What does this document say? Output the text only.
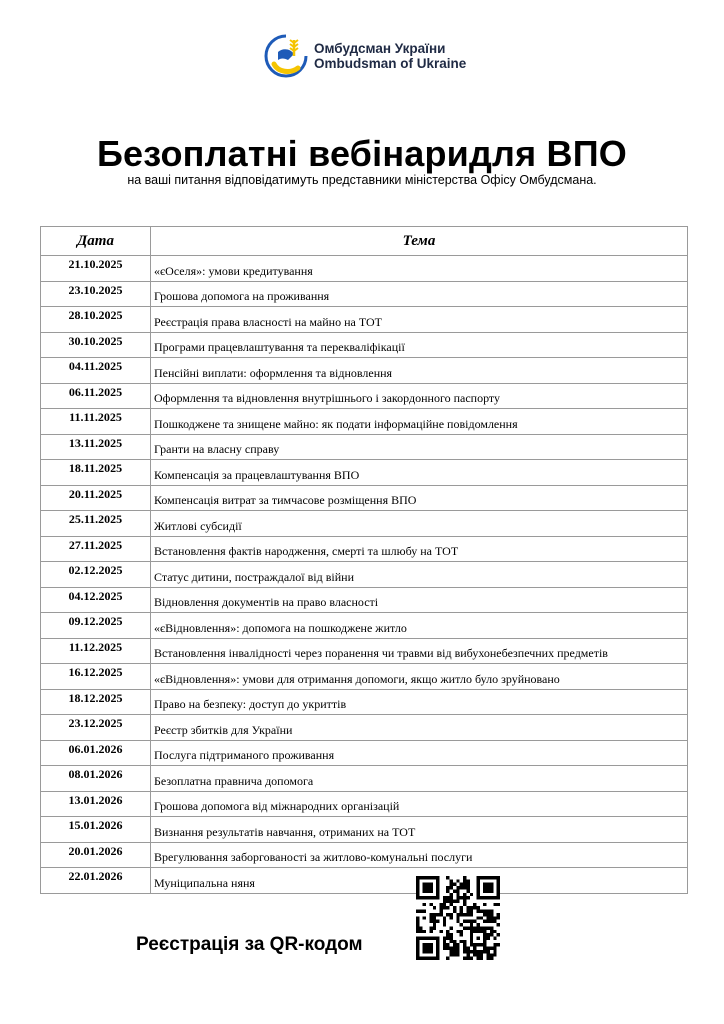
Омбудсман України
Ombudsman of Ukraine
Безоплатні вебінаридля ВПО
на ваші питання відповідатимуть представники міністерства Офісу Омбудсмана.
Дата	Тема
21.10.2025	«єОселя»: умови кредитування
23.10.2025	Грошова допомога на проживання
28.10.2025	Реєстрація права власності на майно на ТОТ
30.10.2025	Програми працевлаштування та перекваліфікації
04.11.2025	Пенсійні виплати: оформлення та відновлення
06.11.2025	Оформлення та відновлення внутрішнього і закордонного паспорту
11.11.2025	Пошкоджене та знищене майно: як подати інформаційне повідомлення
13.11.2025	Гранти на власну справу
18.11.2025	Компенсація за працевлаштування ВПО
20.11.2025	Компенсація витрат за тимчасове розміщення ВПО
25.11.2025	Житлові субсидії
27.11.2025	Встановлення фактів народження, смерті та шлюбу на ТОТ
02.12.2025	Статус дитини, постраждалої від війни
04.12.2025	Відновлення документів на право власності
09.12.2025	«єВідновлення»: допомога на пошкоджене житло
11.12.2025	Встановлення інвалідності через поранення чи травми від вибухонебезпечних предметів
16.12.2025	«єВідновлення»: умови для отримання допомоги, якщо житло було зруйновано
18.12.2025	Право на безпеку: доступ до укриттів
23.12.2025	Реєстр збитків для України
06.01.2026	Послуга підтриманого проживання
08.01.2026	Безоплатна правнича допомога
13.01.2026	Грошова допомога від міжнародних організацій
15.01.2026	Визнання результатів навчання, отриманих на ТОТ
20.01.2026	Врегулювання заборгованості за житлово-комунальні послуги
22.01.2026	Муніципальна няня
Реєстрація за QR-кодом
